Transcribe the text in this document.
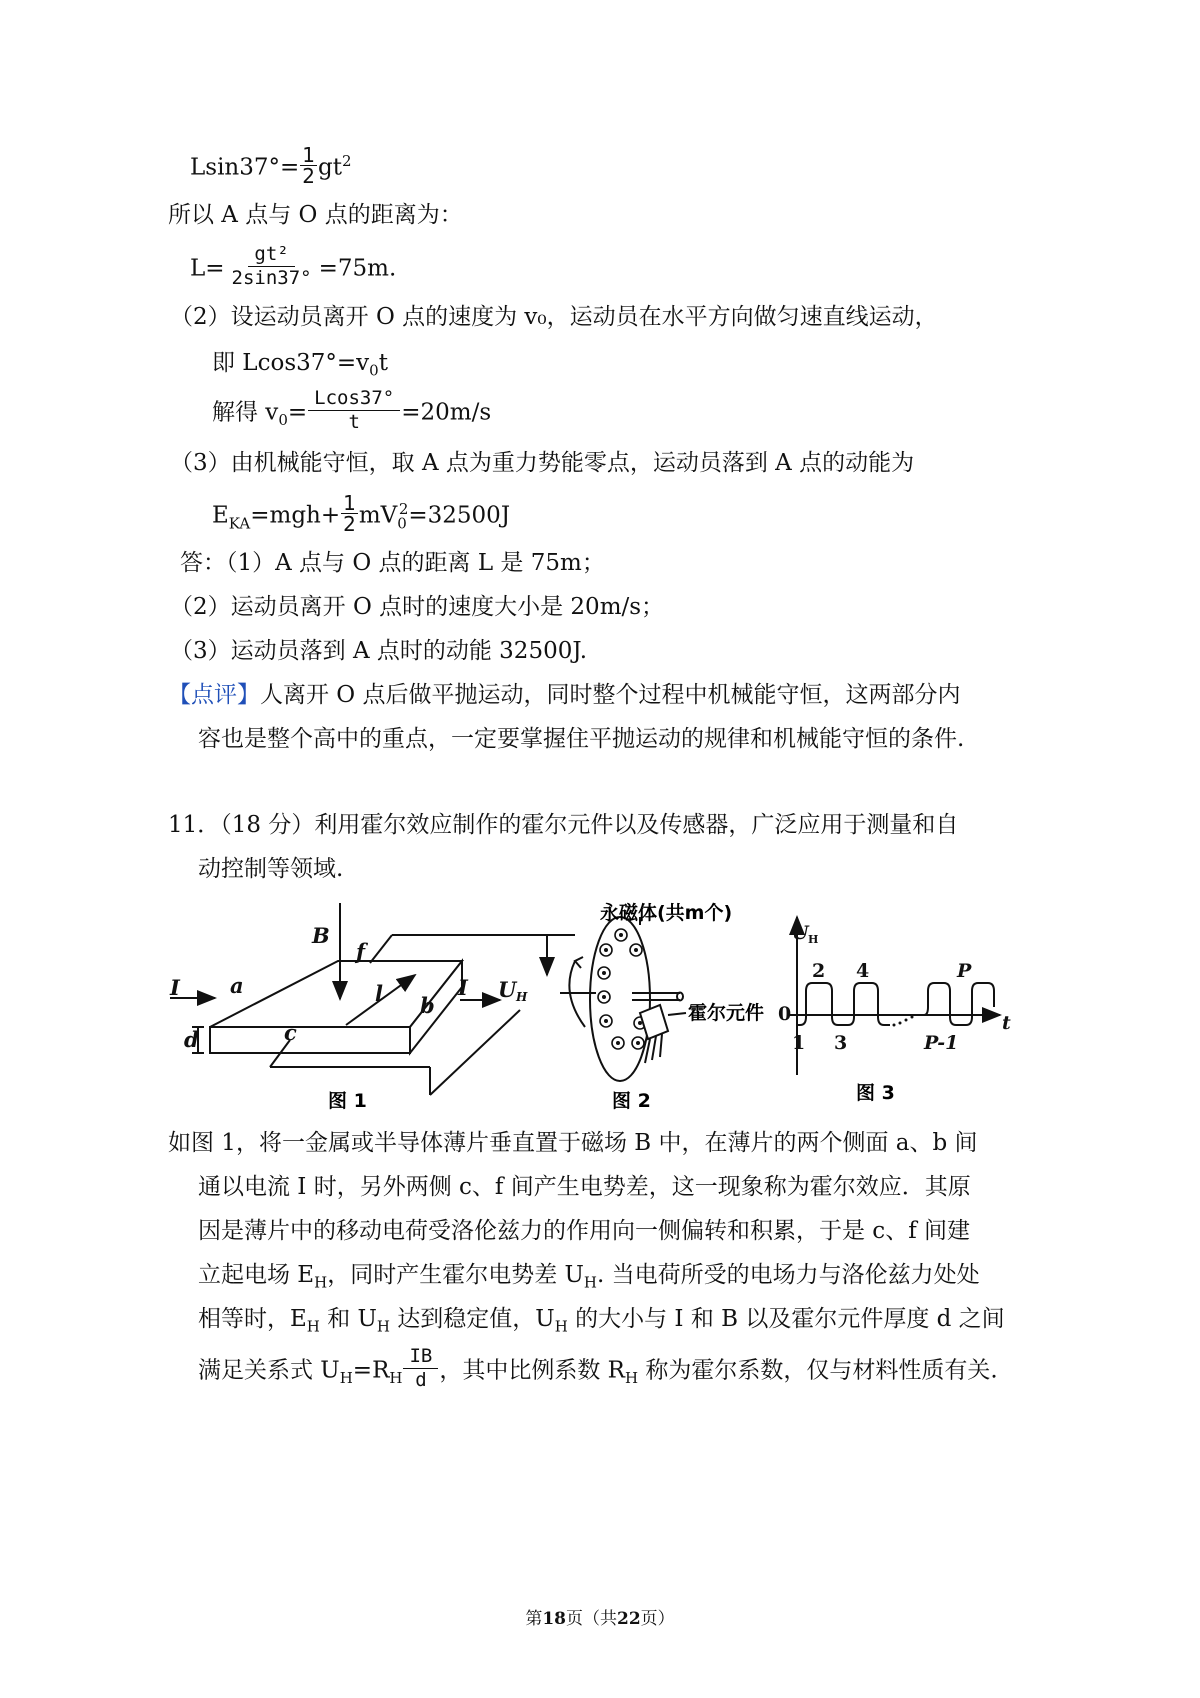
$Lsin37^\circ= \frac{1}{2} gt^2$
所以 A 点与 O 点的距离为：
$L= \frac{\text{gt²}}{2\sin 37^\circ} =75m$.
（2）设运动员离开 O 点的速度为 v₀，运动员在水平方向做匀速直线运动，
即 $Lcos37^\circ=v_0t$
解得 $v_0= \frac{Lcos37^\circ}{t} =20m/s$
（3）由机械能守恒，取 A 点为重力势能零点，运动员落到 A 点的动能为
$E_{KA}=mgh+ \frac{1}{2} mV_0^2=32500J$
答：（1）A 点与 O 点的距离 L 是 75m；
（2）运动员离开 O 点时的速度大小是 20m/s；
（3）运动员落到 A 点时的动能 32500J.
【点评】人离开 O 点后做平抛运动，同时整个过程中机械能守恒，这两部分内
容也是整个高中的重点，一定要掌握住平抛运动的规律和机械能守恒的条件.
11．（18 分）利用霍尔效应制作的霍尔元件以及传感器，广泛应用于测量和自
动控制等领域.
B
f
I a	l b
I U H
d	c
图 1
永磁体(共m个)
霍尔元件
图 2
U H
0	t
2 4	P
1 3	P-1
图 3
如图 1，将一金属或半导体薄片垂直置于磁场 B 中，在薄片的两个侧面 a、b 间
通以电流 I 时，另外两侧 c、f 间产生电势差，这一现象称为霍尔效应．其原
因是薄片中的移动电荷受洛伦兹力的作用向一侧偏转和积累，于是 c、f 间建
立起电场 $E_H$，同时产生霍尔电势差 $U_H$. 当电荷所受的电场力与洛伦兹力处处
相等时，$E_H$ 和 $U_H$ 达到稳定值，$U_H$ 的大小与 I 和 B 以及霍尔元件厚度 d 之间
满足关系式 $U_H=R_H \frac{IB}{d}$ ，其中比例系数 $R_H$ 称为霍尔系数，仅与材料性质有关.
第18页（共22页）
